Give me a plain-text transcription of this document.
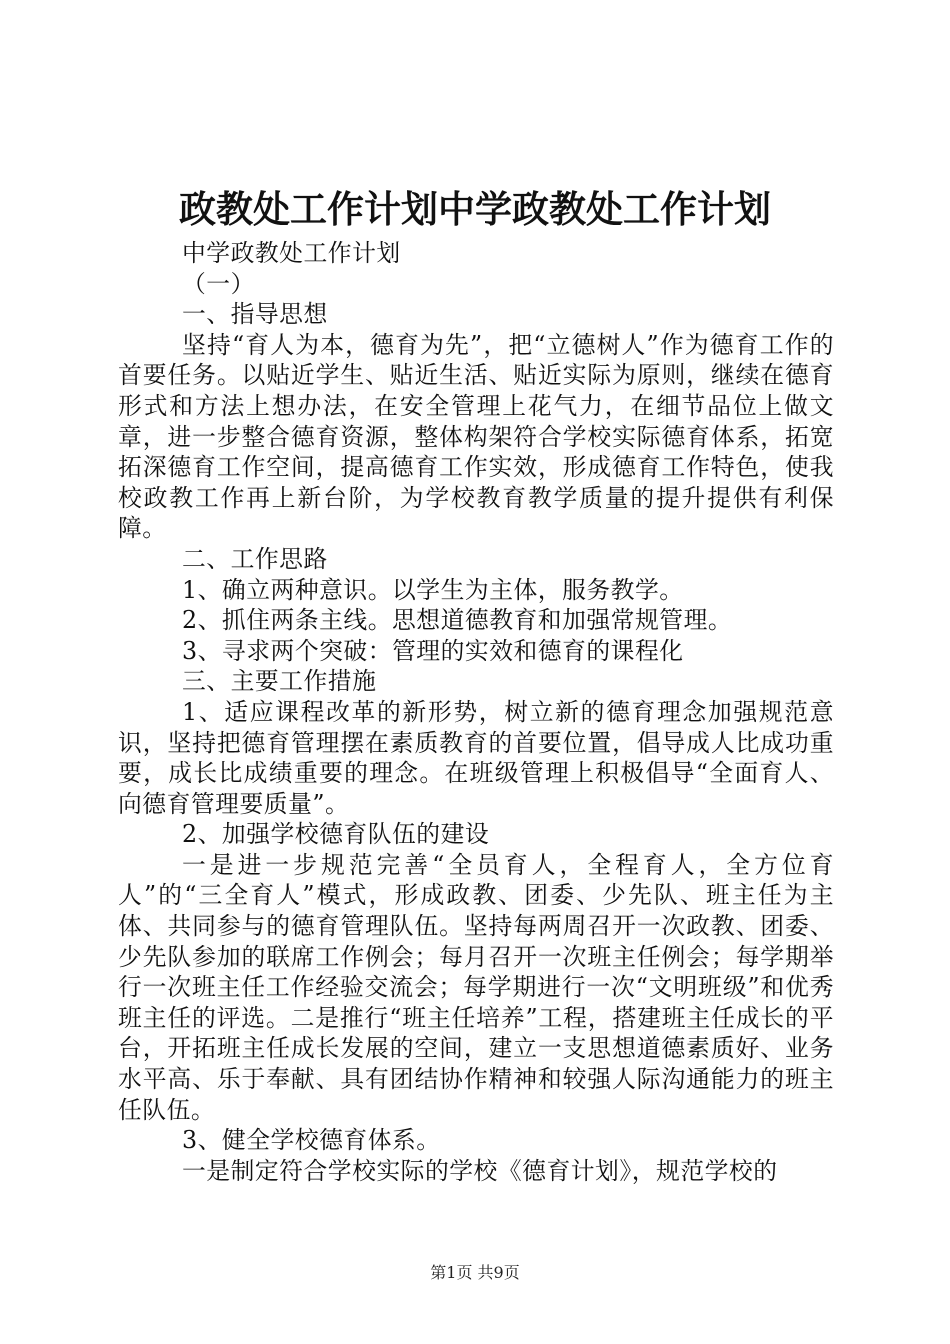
政教处工作计划中学政教处工作计划

中学政教处工作计划

（一）

一、指导思想

坚持“育人为本，德育为先”，把“立德树人”作为德育工作的首要任务。以贴近学生、贴近生活、贴近实际为原则，继续在德育形式和方法上想办法，在安全管理上花气力，在细节品位上做文章，进一步整合德育资源，整体构架符合学校实际德育体系，拓宽拓深德育工作空间，提高德育工作实效，形成德育工作特色，使我校政教工作再上新台阶，为学校教育教学质量的提升提供有利保障。

二、工作思路

1、确立两种意识。以学生为主体，服务教学。

2、抓住两条主线。思想道德教育和加强常规管理。

3、寻求两个突破：管理的实效和德育的课程化

三、主要工作措施

1、适应课程改革的新形势，树立新的德育理念加强规范意识，坚持把德育管理摆在素质教育的首要位置，倡导成人比成功重要，成长比成绩重要的理念。在班级管理上积极倡导“全面育人、向德育管理要质量”。

2、加强学校德育队伍的建设

一是进一步规范完善“全员育人，全程育人，全方位育人”的“三全育人”模式，形成政教、团委、少先队、班主任为主体、共同参与的德育管理队伍。坚持每两周召开一次政教、团委、少先队参加的联席工作例会；每月召开一次班主任例会；每学期举行一次班主任工作经验交流会；每学期进行一次“文明班级”和优秀班主任的评选。二是推行“班主任培养”工程，搭建班主任成长的平台，开拓班主任成长发展的空间，建立一支思想道德素质好、业务水平高、乐于奉献、具有团结协作精神和较强人际沟通能力的班主任队伍。

3、健全学校德育体系。

一是制定符合学校实际的学校《德育计划》，规范学校的

第1页 共9页
